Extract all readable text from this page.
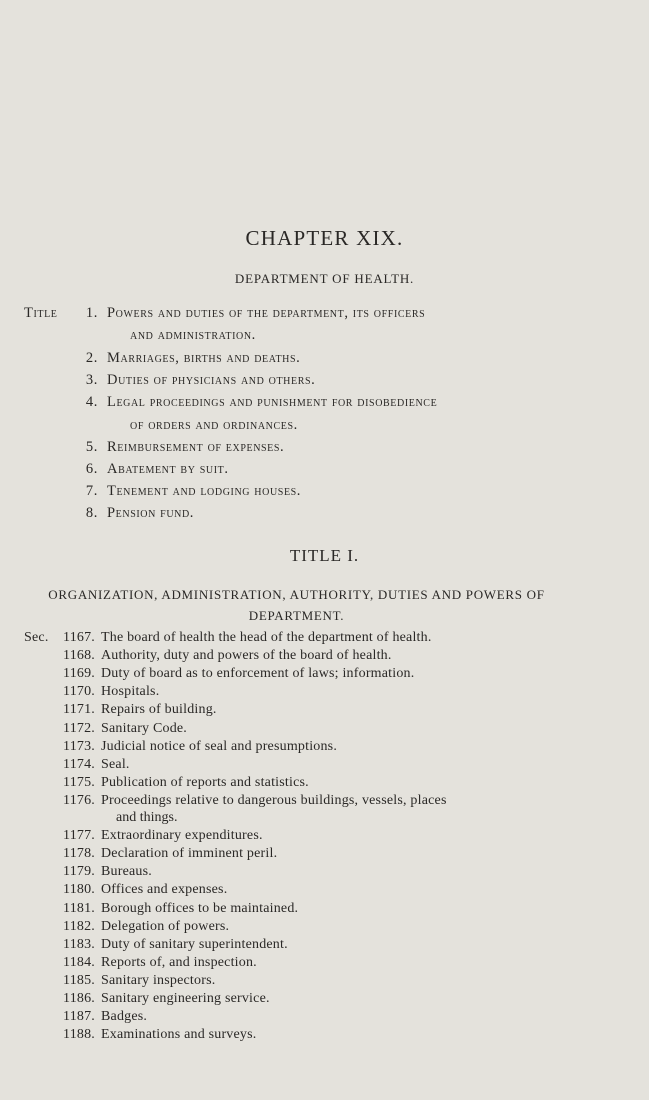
CHAPTER XIX.
DEPARTMENT OF HEALTH.
Title	1. Powers and duties of the department, its officers
and administration.
2. Marriages, births and deaths.
3. Duties of physicians and others.
4. Legal proceedings and punishment for disobedience
of orders and ordinances.
5. Reimbursement of expenses.
6. Abatement by suit.
7. Tenement and lodging houses.
8. Pension fund.
TITLE I.
ORGANIZATION, ADMINISTRATION, AUTHORITY, DUTIES AND POWERS OF DEPARTMENT.
Sec. 1167. The board of health the head of the department of health.
1168. Authority, duty and powers of the board of health.
1169. Duty of board as to enforcement of laws; information.
1170. Hospitals.
1171. Repairs of building.
1172. Sanitary Code.
1173. Judicial notice of seal and presumptions.
1174. Seal.
1175. Publication of reports and statistics.
1176. Proceedings relative to dangerous buildings, vessels, places
and things.
1177. Extraordinary expenditures.
1178. Declaration of imminent peril.
1179. Bureaus.
1180. Offices and expenses.
1181. Borough offices to be maintained.
1182. Delegation of powers.
1183. Duty of sanitary superintendent.
1184. Reports of, and inspection.
1185. Sanitary inspectors.
1186. Sanitary engineering service.
1187. Badges.
1188. Examinations and surveys.
